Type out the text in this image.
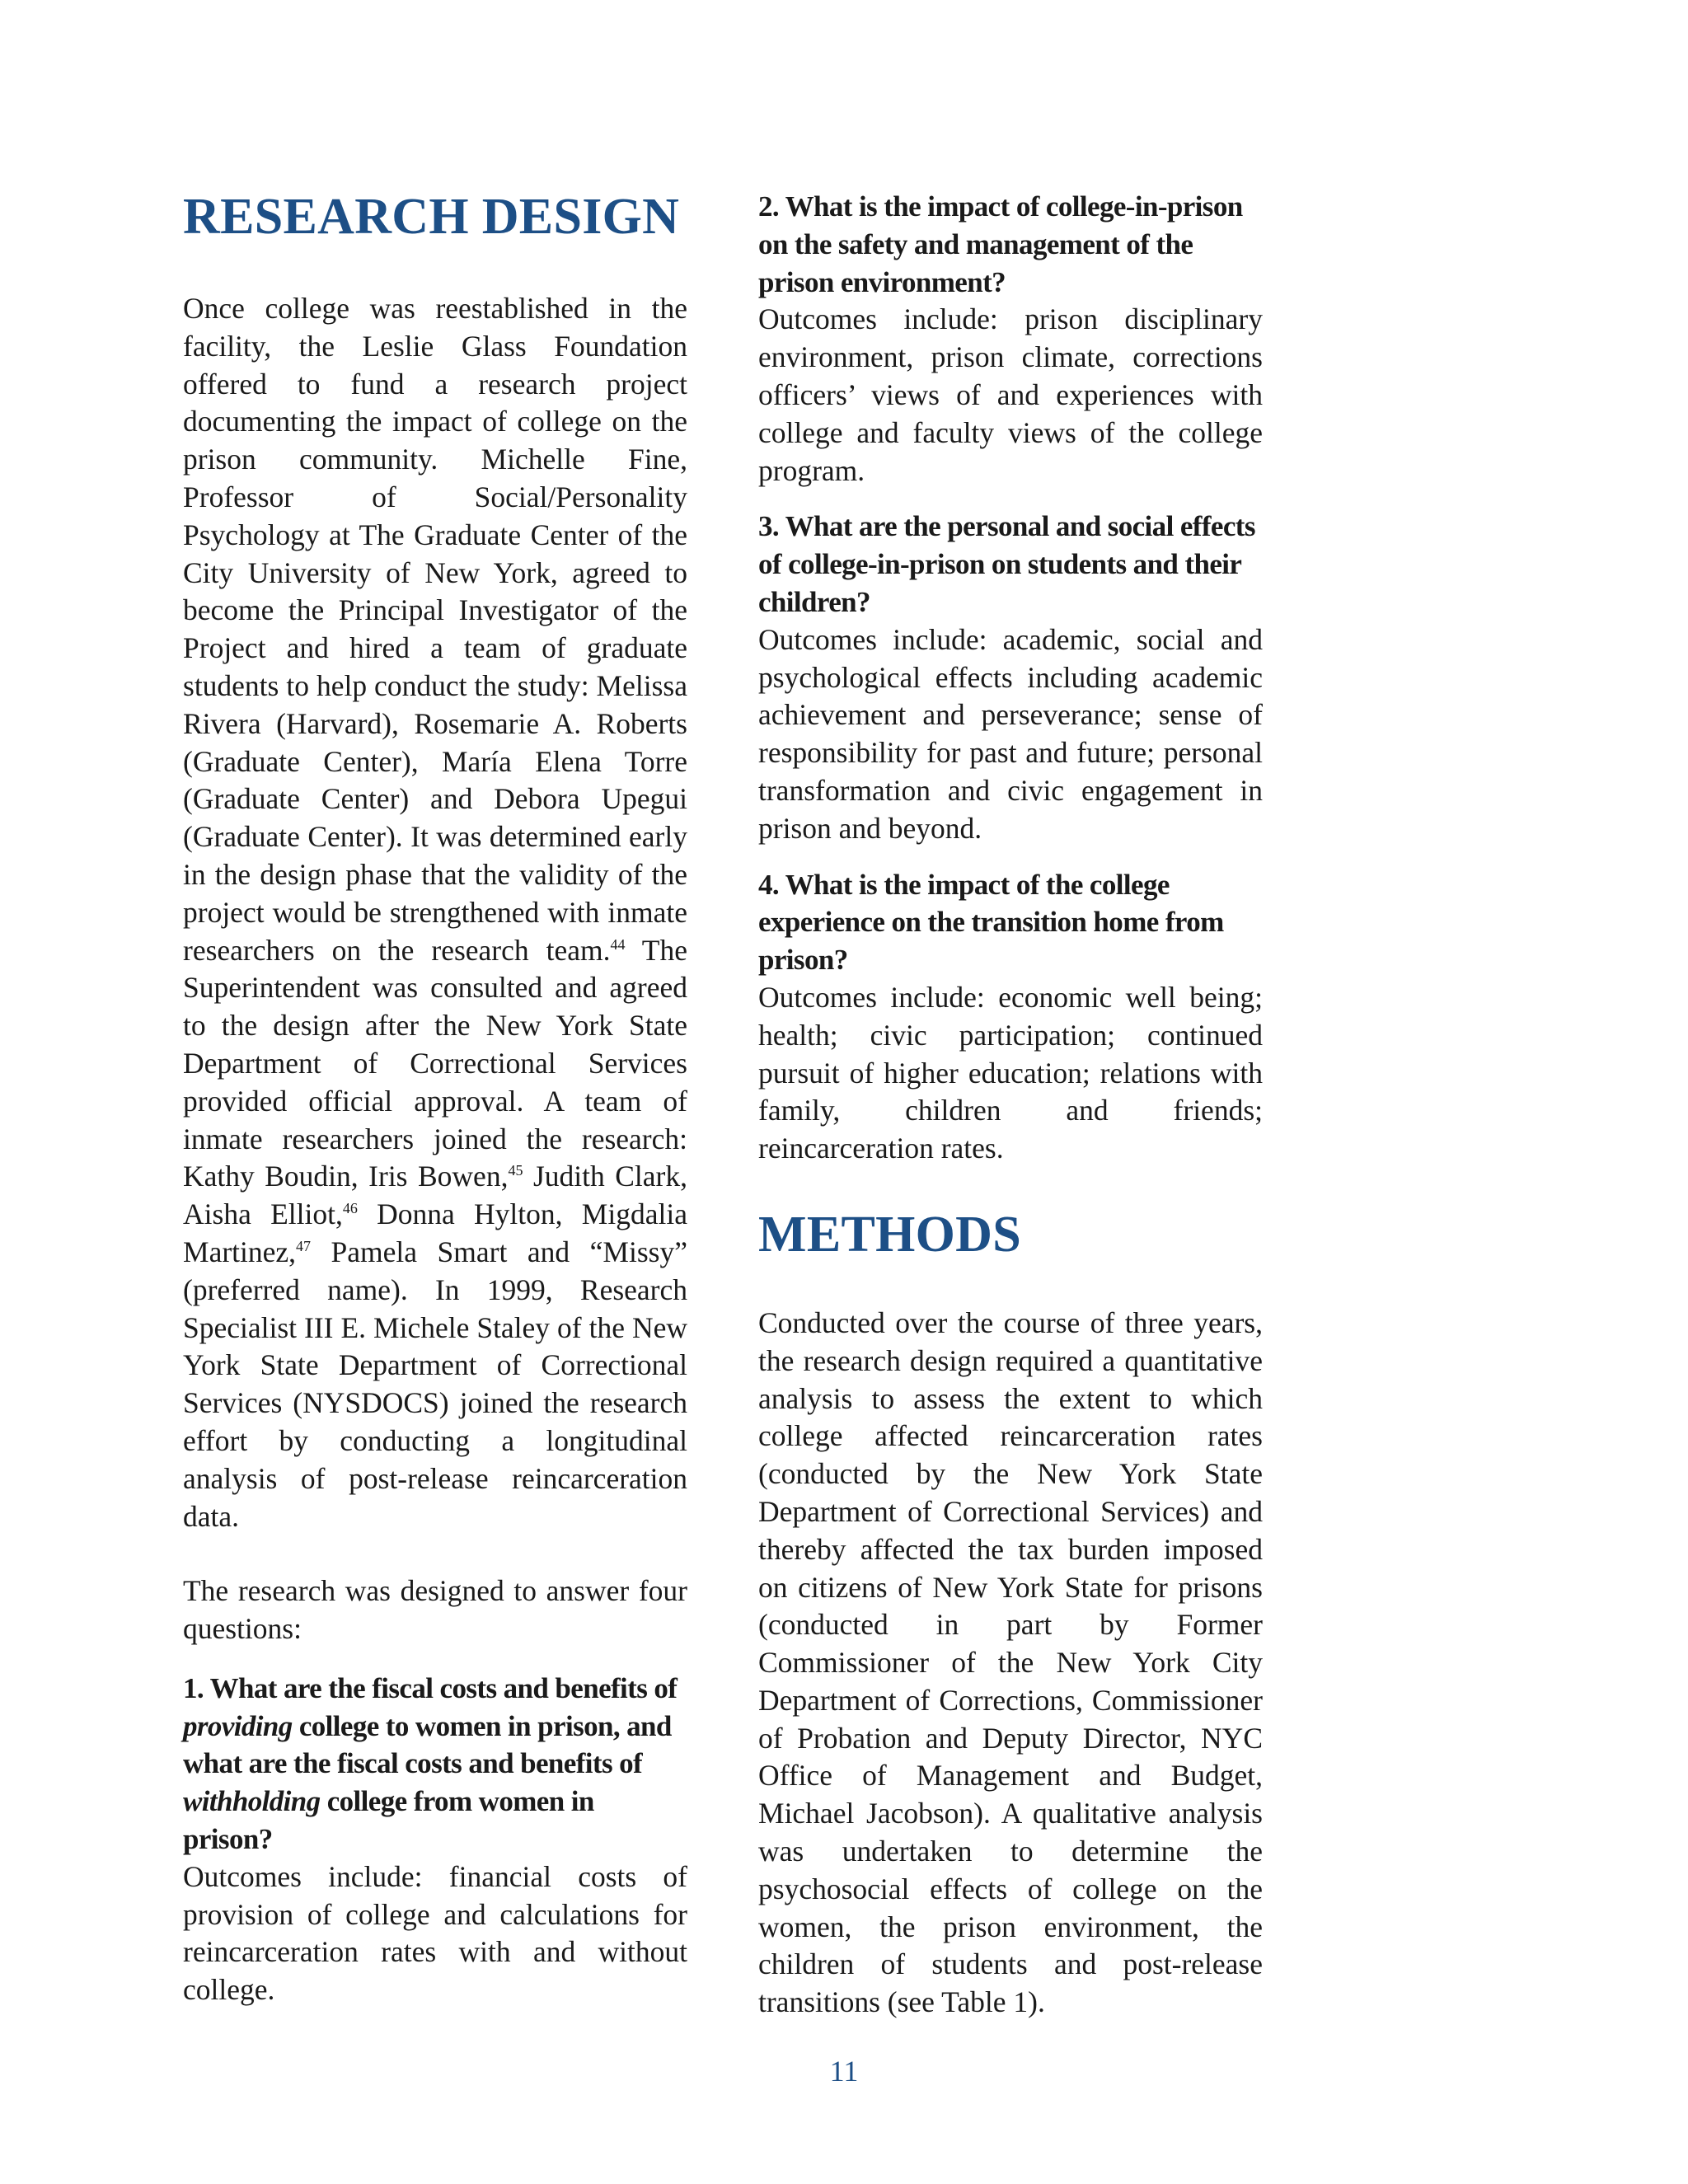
RESEARCH DESIGN

Once college was reestablished in the facility, the Leslie Glass Foundation offered to fund a research project documenting the impact of college on the prison community. Michelle Fine, Professor of Social/Personality Psychology at The Graduate Center of the City University of New York, agreed to become the Principal Investigator of the Project and hired a team of graduate students to help conduct the study: Melissa Rivera (Harvard), Rosemarie A. Roberts (Graduate Center), María Elena Torre (Graduate Center) and Debora Upegui (Graduate Center). It was determined early in the design phase that the validity of the project would be strengthened with inmate researchers on the research team.$^{44}$ The Superintendent was consulted and agreed to the design after the New York State Department of Correctional Services provided official approval. A team of inmate researchers joined the research: Kathy Boudin, Iris Bowen,$^{45}$ Judith Clark, Aisha Elliot,$^{46}$ Donna Hylton, Migdalia Martinez,$^{47}$ Pamela Smart and “Missy” (preferred name). In 1999, Research Specialist III E. Michele Staley of the New York State Department of Correctional Services (NYSDOCS) joined the research effort by conducting a longitudinal analysis of post-release reincarceration data.

The research was designed to answer four questions:

1. What are the fiscal costs and benefits of providing college to women in prison, and what are the fiscal costs and benefits of withholding college from women in prison?

Outcomes include: financial costs of provision of college and calculations for reincarceration rates with and without college.

2. What is the impact of college-in-prison on the safety and management of the prison environment?

Outcomes include: prison disciplinary environment, prison climate, corrections officers’ views of and experiences with college and faculty views of the college program.

3. What are the personal and social effects of college-in-prison on students and their children?

Outcomes include: academic, social and psychological effects including academic achievement and perseverance; sense of responsibility for past and future; personal transformation and civic engagement in prison and beyond.

4. What is the impact of the college experience on the transition home from prison?

Outcomes include: economic well being; health; civic participation; continued pursuit of higher education; relations with family, children and friends; reincarceration rates.

METHODS

Conducted over the course of three years, the research design required a quantitative analysis to assess the extent to which college affected reincarceration rates (conducted by the New York State Department of Correctional Services) and thereby affected the tax burden imposed on citizens of New York State for prisons (conducted in part by Former Commissioner of the New York City Department of Corrections, Commissioner of Probation and Deputy Director, NYC Office of Management and Budget, Michael Jacobson). A qualitative analysis was undertaken to determine the psychosocial effects of college on the women, the prison environment, the children of students and post-release transitions (see Table 1).

11
